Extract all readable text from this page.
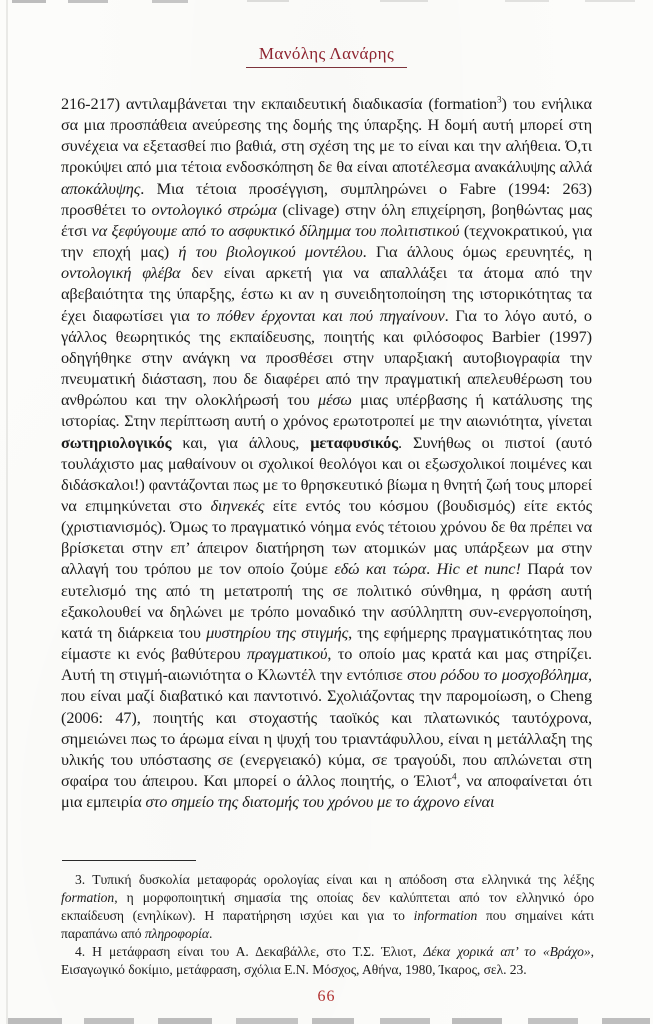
Μανόλης Λανάρης
216-217) αντιλαμβάνεται την εκπαιδευτική διαδικασία (formation$^3$) του ενήλικα σα μια προσπάθεια ανεύρεσης της δομής της ύπαρξης. Η δομή αυτή μπορεί στη συνέχεια να εξετασθεί πιο βαθιά, στη σχέση της με το είναι και την αλήθεια. Ό,τι προκύψει από μια τέτοια ενδοσκόπηση δε θα είναι αποτέλεσμα ανακάλυψης αλλά αποκάλυψης. Μια τέτοια προσέγγιση, συμπληρώνει ο Fabre (1994: 263) προσθέτει το οντολογικό στρώμα (clivage) στην όλη επιχείρηση, βοηθώντας μας έτσι να ξεφύγουμε από το ασφυκτικό δίλημμα του πολιτιστικού (τεχνοκρατικού, για την εποχή μας) ή του βιολογικού μοντέλου. Για άλλους όμως ερευνητές, η οντολογική φλέβα δεν είναι αρκετή για να απαλλάξει τα άτομα από την αβεβαιότητα της ύπαρξης, έστω κι αν η συνειδητοποίηση της ιστορικότητας τα έχει διαφωτίσει για το πόθεν έρχονται και πού πηγαίνουν. Για το λόγο αυτό, ο γάλλος θεωρητικός της εκπαίδευσης, ποιητής και φιλόσοφος Barbier (1997) οδηγήθηκε στην ανάγκη να προσθέσει στην υπαρξιακή αυτοβιογραφία την πνευματική διάσταση, που δε διαφέρει από την πραγματική απελευθέρωση του ανθρώπου και την ολοκλήρωσή του μέσω μιας υπέρβασης ή κατάλυσης της ιστορίας. Στην περίπτωση αυτή ο χρόνος ερωτοτροπεί με την αιωνιότητα, γίνεται σωτηριολογικός και, για άλλους, μεταφυσικός. Συνήθως οι πιστοί (αυτό τουλάχιστο μας μαθαίνουν οι σχολικοί θεολόγοι και οι εξωσχολικοί ποιμένες και διδάσκαλοι!) φαντάζονται πως με το θρησκευτικό βίωμα η θνητή ζωή τους μπορεί να επιμηκύνεται στο διηνεκές είτε εντός του κόσμου (βουδισμός) είτε εκτός (χριστιανισμός). Όμως το πραγματικό νόημα ενός τέτοιου χρόνου δε θα πρέπει να βρίσκεται στην επ’ άπειρον διατήρηση των ατομικών μας υπάρξεων μα στην αλλαγή του τρόπου με τον οποίο ζούμε εδώ και τώρα. Hic et nunc! Παρά τον ευτελισμό της από τη μετατροπή της σε πολιτικό σύνθημα, η φράση αυτή εξακολουθεί να δηλώνει με τρόπο μοναδικό την ασύλληπτη συν-ενεργοποίηση, κατά τη διάρκεια του μυστηρίου της στιγμής, της εφήμερης πραγματικότητας που είμαστε κι ενός βαθύτερου πραγματικού, το οποίο μας κρατά και μας στηρίζει. Αυτή τη στιγμή-αιωνιότητα ο Κλωντέλ την εντόπισε στου ρόδου το μοσχοβόλημα, που είναι μαζί διαβατικό και παντοτινό. Σχολιάζοντας την παρομοίωση, ο Cheng (2006: 47), ποιητής και στοχαστής ταοϊκός και πλατωνικός ταυτόχρονα, σημειώνει πως το άρωμα είναι η ψυχή του τριαντάφυλλου, είναι η μετάλλαξη της υλικής του υπόστασης σε (ενεργειακό) κύμα, σε τραγούδι, που απλώνεται στη σφαίρα του άπειρου. Και μπορεί ο άλλος ποιητής, ο Έλιοτ$^4$, να αποφαίνεται ότι μια εμπειρία στο σημείο της διατομής του χρόνου με το άχρονο είναι
3. Τυπική δυσκολία μεταφοράς ορολογίας είναι και η απόδοση στα ελληνικά της λέξης formation, η μορφοποιητική σημασία της οποίας δεν καλύπτεται από τον ελληνικό όρο εκπαίδευση (ενηλίκων). Η παρατήρηση ισχύει και για το information που σημαίνει κάτι παραπάνω από πληροφορία.
4. Η μετάφραση είναι του Α. Δεκαβάλλε, στο Τ.Σ. Έλιοτ, Δέκα χορικά απ’ το «Βράχο», Εισαγωγικό δοκίμιο, μετάφραση, σχόλια Ε.Ν. Μόσχος, Αθήνα, 1980, Ίκαρος, σελ. 23.
66
